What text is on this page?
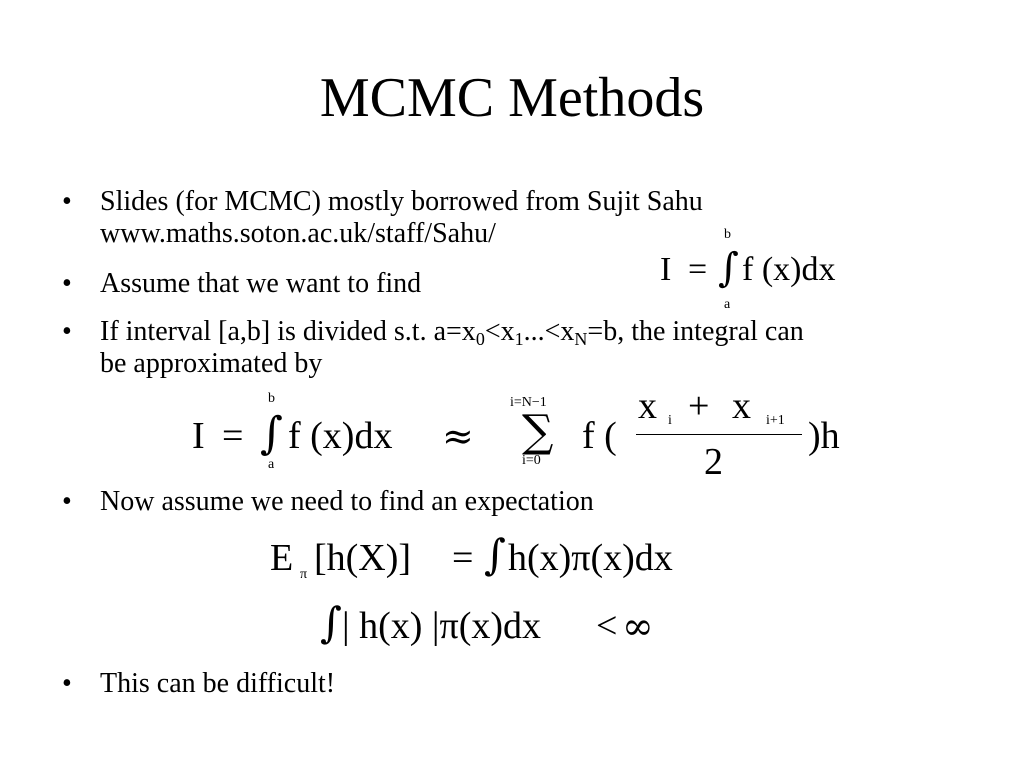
MCMC Methods
• Slides (for MCMC) mostly borrowed from Sujit Sahu
www.maths.soton.ac.uk/staff/Sahu/
I = ∫
b
a
f (x)dx
• Assume that we want to find
• If interval [a,b] is divided s.t. $a=x_0<x_1...<x_N=b$, the integral can
be approximated by
I = ∫
b
a
f (x)dx ≈
i=N−1
∑
i=0
f (
x i + x i+1
2
)h
• Now assume we need to find an expectation
E π [h(X)] = ∫ h(x)π(x)dx
∫ | h(x) |π(x)dx < ∞
• This can be difficult!
